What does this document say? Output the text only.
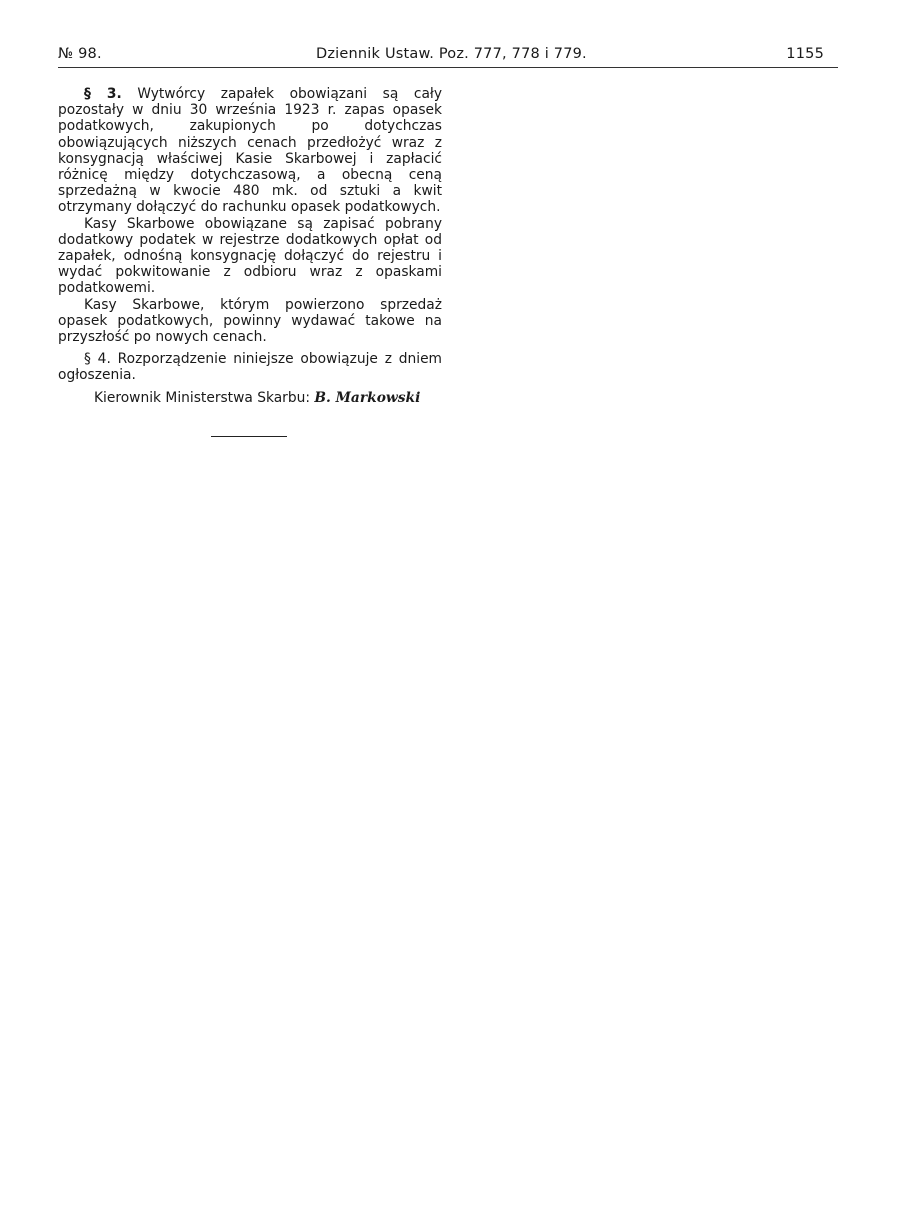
№ 98.	Dziennik Ustaw. Poz. 777, 778 i 779.	1155

§ 3. Wytwórcy zapałek obowiązani są cały pozostały w dniu 30 września 1923 r. zapas opasek podatkowych, zakupionych po dotychczas obowiązujących niższych cenach przedłożyć wraz z konsygnacją właściwej Kasie Skarbowej i zapłacić różnicę między dotychczasową, a obecną ceną sprzedażną w kwocie 480 mk. od sztuki a kwit otrzymany dołączyć do rachunku opasek podatkowych.

Kasy Skarbowe obowiązane są zapisać pobrany dodatkowy podatek w rejestrze dodatkowych opłat od zapałek, odnośną konsygnację dołączyć do rejestru i wydać pokwitowanie z odbioru wraz z opaskami podatkowemi.

Kasy Skarbowe, którym powierzono sprzedaż opasek podatkowych, powinny wydawać takowe na przyszłość po nowych cenach.

§ 4. Rozporządzenie niniejsze obowiązuje z dniem ogłoszenia.

Kierownik Ministerstwa Skarbu: B. Markowski
